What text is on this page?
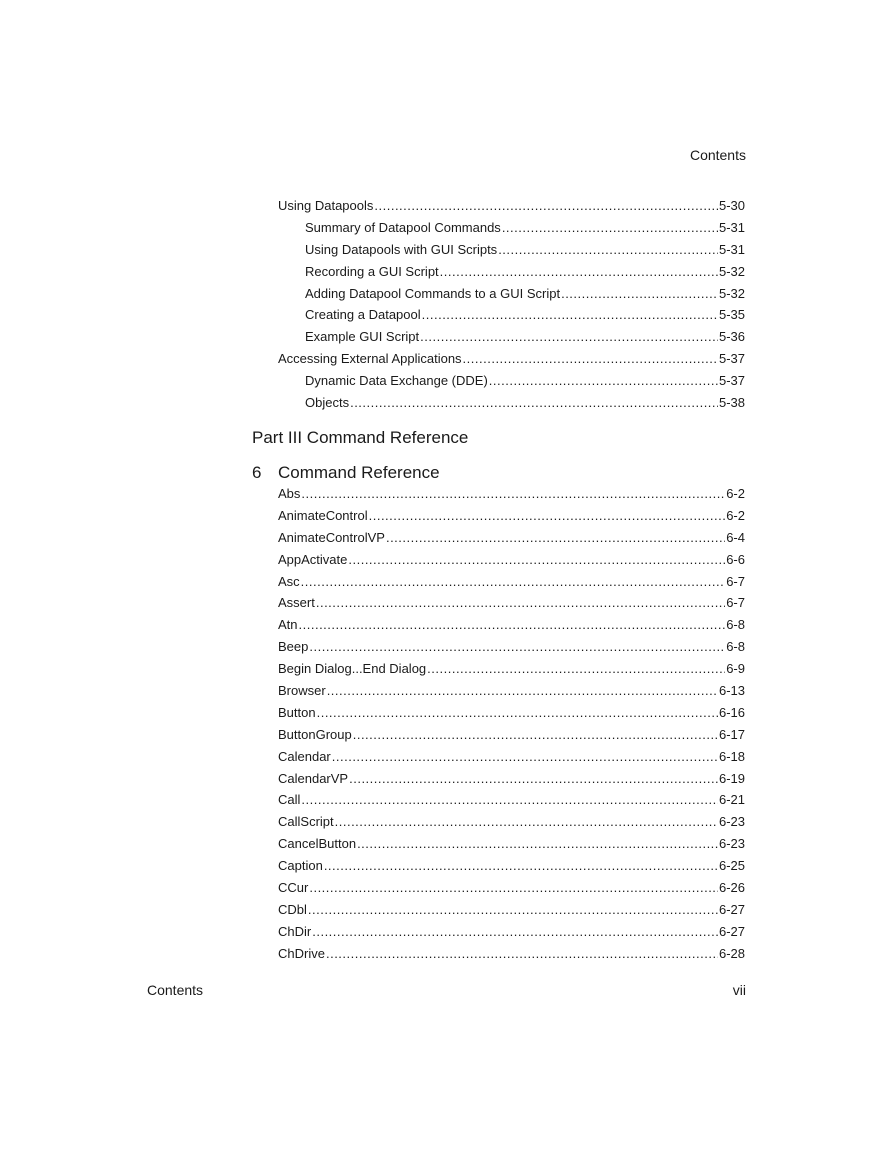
Contents
Using Datapools .....	5-30
Summary of Datapool Commands .....	5-31
Using Datapools with GUI Scripts .....	5-31
Recording a GUI Script .....	5-32
Adding Datapool Commands to a GUI Script .....	5-32
Creating a Datapool .....	5-35
Example GUI Script .....	5-36
Accessing External Applications .....	5-37
Dynamic Data Exchange (DDE) .....	5-37
Objects .....	5-38
Part III Command Reference
6 Command Reference
Abs .....	6-2
AnimateControl .....	6-2
AnimateControlVP .....	6-4
AppActivate .....	6-6
Asc .....	6-7
Assert .....	6-7
Atn .....	6-8
Beep .....	6-8
Begin Dialog...End Dialog .....	6-9
Browser .....	6-13
Button .....	6-16
ButtonGroup .....	6-17
Calendar .....	6-18
CalendarVP .....	6-19
Call .....	6-21
CallScript .....	6-23
CancelButton .....	6-23
Caption .....	6-25
CCur .....	6-26
CDbl .....	6-27
ChDir .....	6-27
ChDrive .....	6-28
Contents	vii
